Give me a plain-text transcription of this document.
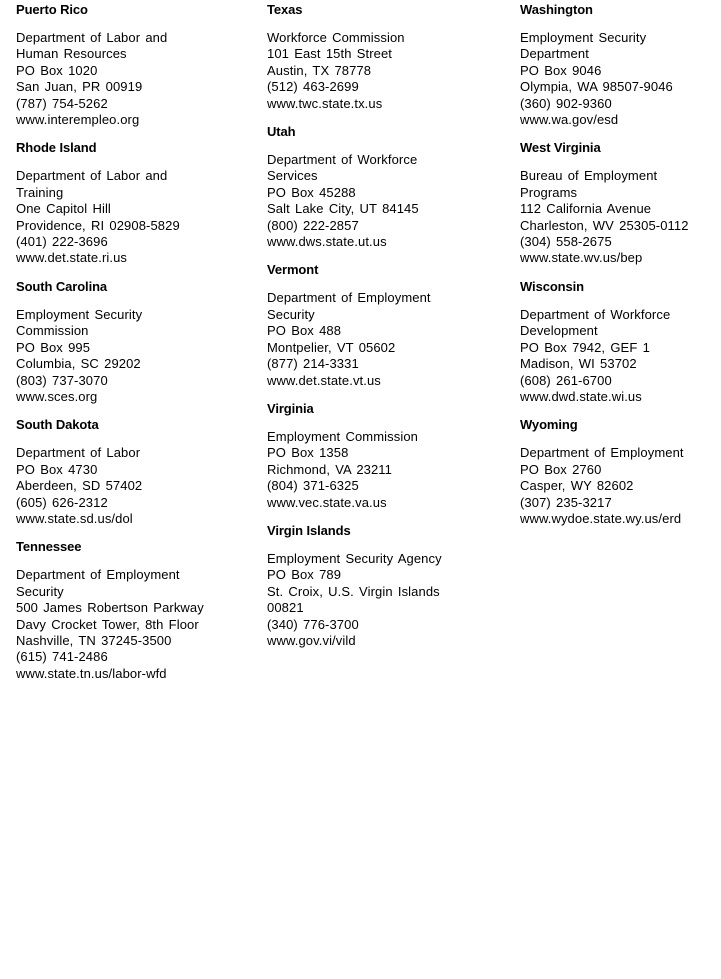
Puerto Rico
Department of Labor and
Human Resources
PO Box 1020
San Juan, PR 00919
(787) 754-5262
www.interempleo.org
Rhode Island
Department of Labor and
Training
One Capitol Hill
Providence, RI 02908-5829
(401) 222-3696
www.det.state.ri.us
South Carolina
Employment Security
Commission
PO Box 995
Columbia, SC 29202
(803) 737-3070
www.sces.org
South Dakota
Department of Labor
PO Box 4730
Aberdeen, SD 57402
(605) 626-2312
www.state.sd.us/dol
Tennessee
Department of Employment
Security
500 James Robertson Parkway
Davy Crocket Tower, 8th Floor
Nashville, TN 37245-3500
(615) 741-2486
www.state.tn.us/labor-wfd
Texas
Workforce Commission
101 East 15th Street
Austin, TX 78778
(512) 463-2699
www.twc.state.tx.us
Utah
Department of Workforce
Services
PO Box 45288
Salt Lake City, UT 84145
(800) 222-2857
www.dws.state.ut.us
Vermont
Department of Employment
Security
PO Box 488
Montpelier, VT 05602
(877) 214-3331
www.det.state.vt.us
Virginia
Employment Commission
PO Box 1358
Richmond, VA 23211
(804) 371-6325
www.vec.state.va.us
Virgin Islands
Employment Security Agency
PO Box 789
St. Croix, U.S. Virgin Islands
00821
(340) 776-3700
www.gov.vi/vild
Washington
Employment Security
Department
PO Box 9046
Olympia, WA 98507-9046
(360) 902-9360
www.wa.gov/esd
West Virginia
Bureau of Employment
Programs
112 California Avenue
Charleston, WV 25305-0112
(304) 558-2675
www.state.wv.us/bep
Wisconsin
Department of Workforce
Development
PO Box 7942, GEF 1
Madison, WI 53702
(608) 261-6700
www.dwd.state.wi.us
Wyoming
Department of Employment
PO Box 2760
Casper, WY 82602
(307) 235-3217
www.wydoe.state.wy.us/erd
